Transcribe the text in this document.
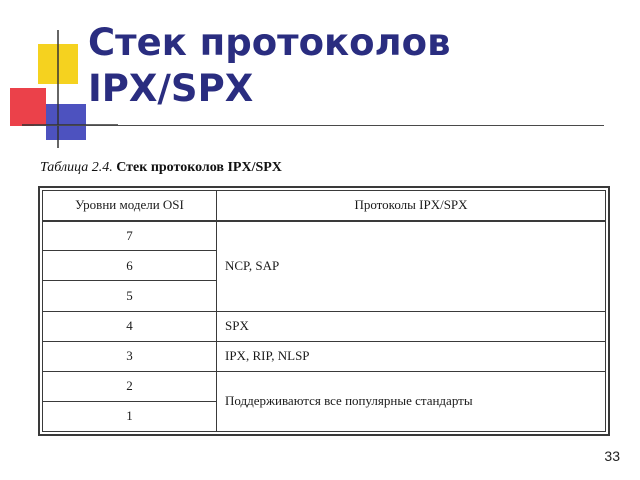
Стек протоколов
IPX/SPX
Таблица 2.4. Стек протоколов IPX/SPX
Уровни модели OSI	Протоколы IPX/SPX
7	NCP, SAP
6	
5	
4	SPX
3	IPX, RIP, NLSP
2	Поддерживаются все популярные стандарты
1	
33
